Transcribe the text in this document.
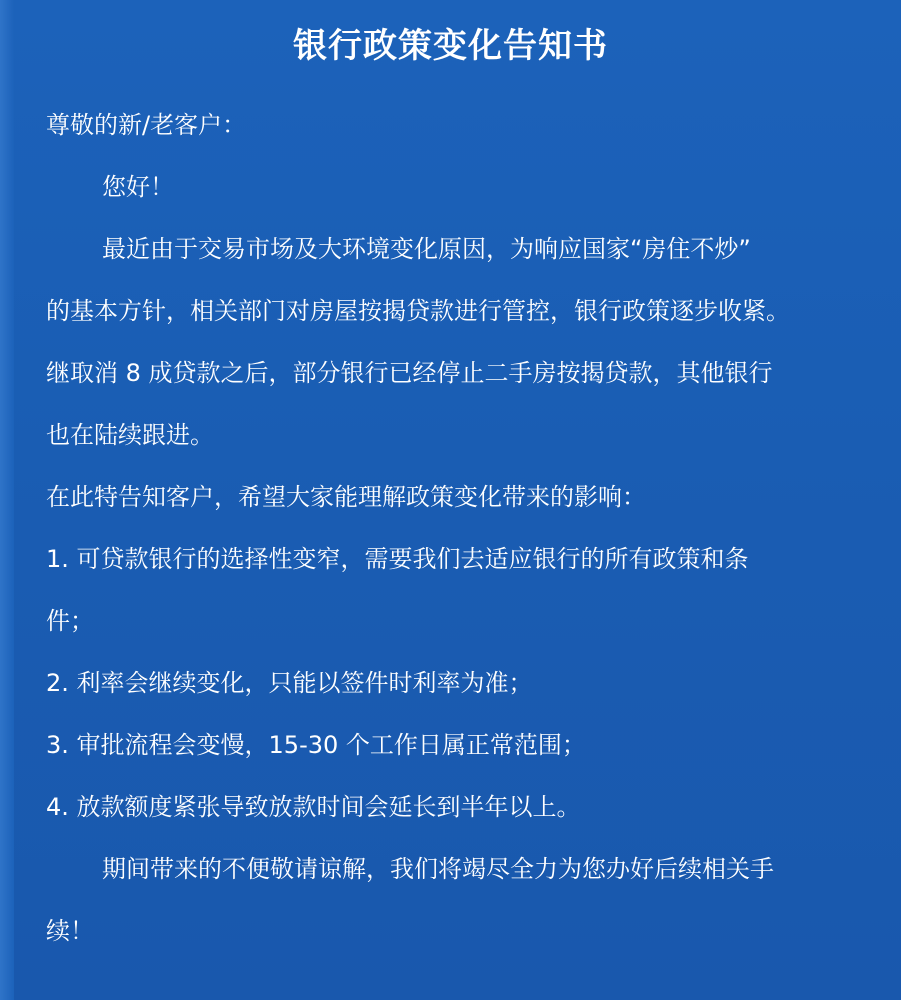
银行政策变化告知书
尊敬的新/老客户：
您好！
最近由于交易市场及大环境变化原因，为响应国家“房住不炒”
的基本方针，相关部门对房屋按揭贷款进行管控，银行政策逐步收紧。
继取消 8 成贷款之后，部分银行已经停止二手房按揭贷款，其他银行
也在陆续跟进。
在此特告知客户，希望大家能理解政策变化带来的影响：
1. 可贷款银行的选择性变窄，需要我们去适应银行的所有政策和条
件；
2. 利率会继续变化，只能以签件时利率为准；
3. 审批流程会变慢，15-30 个工作日属正常范围；
4. 放款额度紧张导致放款时间会延长到半年以上。
期间带来的不便敬请谅解，我们将竭尽全力为您办好后续相关手
续！
